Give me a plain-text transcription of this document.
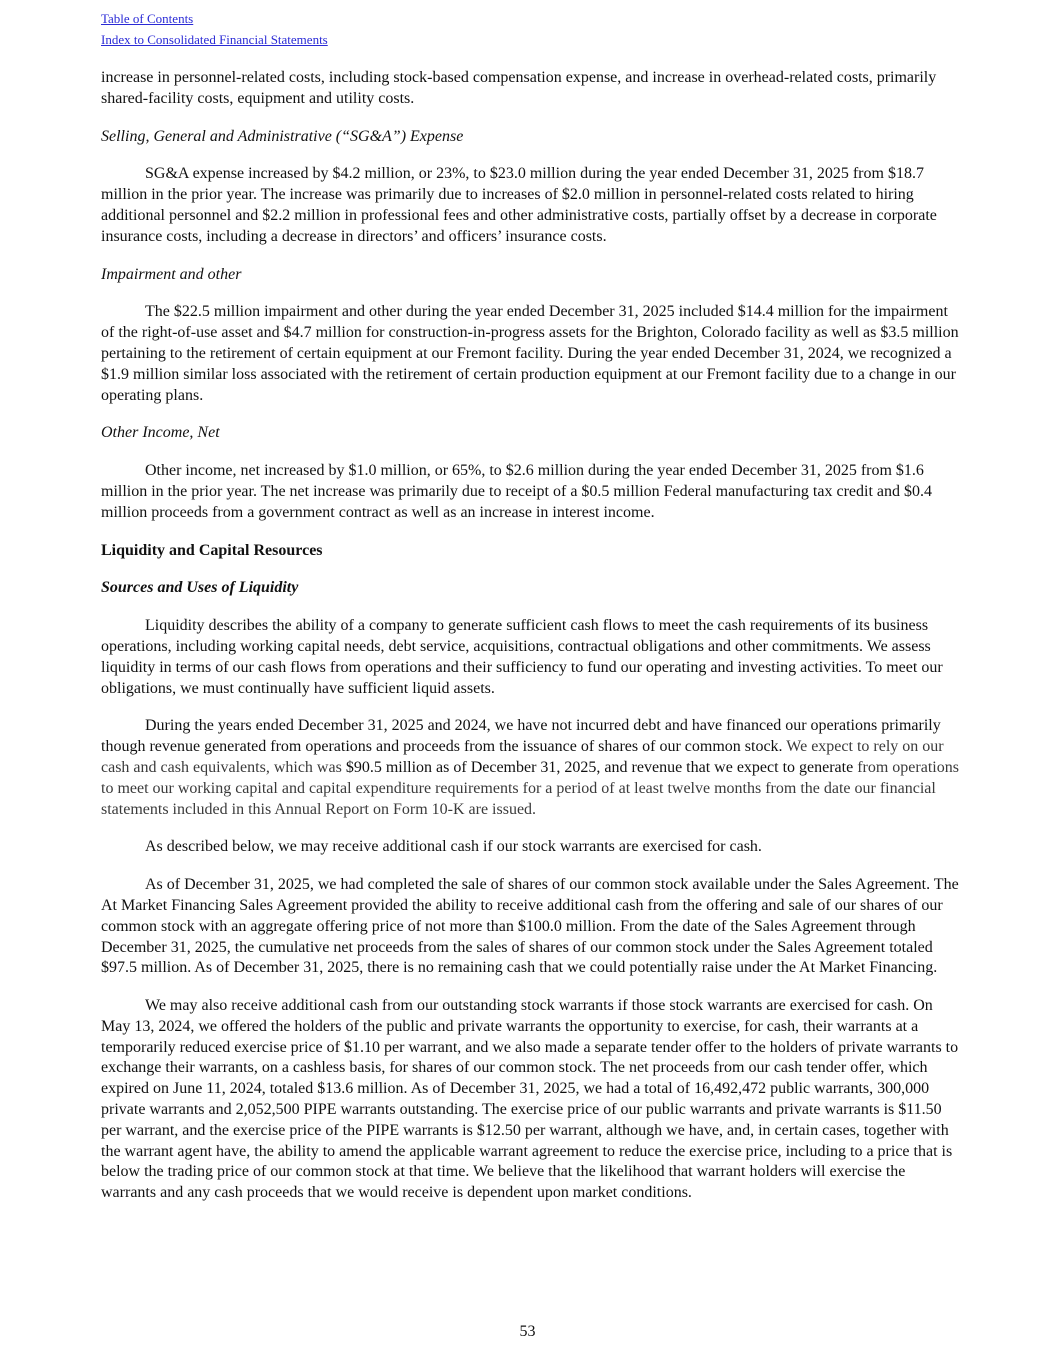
Table of Contents
Index to Consolidated Financial Statements

increase in personnel-related costs, including stock-based compensation expense, and increase in overhead-related costs, primarily shared-facility costs, equipment and utility costs.

Selling, General and Administrative (“SG&A”) Expense

SG&A expense increased by $4.2 million, or 23%, to $23.0 million during the year ended December 31, 2025 from $18.7 million in the prior year. The increase was primarily due to increases of $2.0 million in personnel-related costs related to hiring additional personnel and $2.2 million in professional fees and other administrative costs, partially offset by a decrease in corporate insurance costs, including a decrease in directors’ and officers’ insurance costs.

Impairment and other

The $22.5 million impairment and other during the year ended December 31, 2025 included $14.4 million for the impairment of the right-of-use asset and $4.7 million for construction-in-progress assets for the Brighton, Colorado facility as well as $3.5 million pertaining to the retirement of certain equipment at our Fremont facility. During the year ended December 31, 2024, we recognized a $1.9 million similar loss associated with the retirement of certain production equipment at our Fremont facility due to a change in our operating plans.

Other Income, Net

Other income, net increased by $1.0 million, or 65%, to $2.6 million during the year ended December 31, 2025 from $1.6 million in the prior year. The net increase was primarily due to receipt of a $0.5 million Federal manufacturing tax credit and $0.4 million proceeds from a government contract as well as an increase in interest income.

Liquidity and Capital Resources

Sources and Uses of Liquidity

Liquidity describes the ability of a company to generate sufficient cash flows to meet the cash requirements of its business operations, including working capital needs, debt service, acquisitions, contractual obligations and other commitments. We assess liquidity in terms of our cash flows from operations and their sufficiency to fund our operating and investing activities. To meet our obligations, we must continually have sufficient liquid assets.

During the years ended December 31, 2025 and 2024, we have not incurred debt and have financed our operations primarily though revenue generated from operations and proceeds from the issuance of shares of our common stock. We expect to rely on our cash and cash equivalents, which was $90.5 million as of December 31, 2025, and revenue that we expect to generate from operations to meet our working capital and capital expenditure requirements for a period of at least twelve months from the date our financial statements included in this Annual Report on Form 10-K are issued.

As described below, we may receive additional cash if our stock warrants are exercised for cash.

As of December 31, 2025, we had completed the sale of shares of our common stock available under the Sales Agreement. The At Market Financing Sales Agreement provided the ability to receive additional cash from the offering and sale of our shares of our common stock with an aggregate offering price of not more than $100.0 million. From the date of the Sales Agreement through December 31, 2025, the cumulative net proceeds from the sales of shares of our common stock under the Sales Agreement totaled $97.5 million. As of December 31, 2025, there is no remaining cash that we could potentially raise under the At Market Financing.

We may also receive additional cash from our outstanding stock warrants if those stock warrants are exercised for cash. On May 13, 2024, we offered the holders of the public and private warrants the opportunity to exercise, for cash, their warrants at a temporarily reduced exercise price of $1.10 per warrant, and we also made a separate tender offer to the holders of private warrants to exchange their warrants, on a cashless basis, for shares of our common stock. The net proceeds from our cash tender offer, which expired on June 11, 2024, totaled $13.6 million. As of December 31, 2025, we had a total of 16,492,472 public warrants, 300,000 private warrants and 2,052,500 PIPE warrants outstanding. The exercise price of our public warrants and private warrants is $11.50 per warrant, and the exercise price of the PIPE warrants is $12.50 per warrant, although we have, and, in certain cases, together with the warrant agent have, the ability to amend the applicable warrant agreement to reduce the exercise price, including to a price that is below the trading price of our common stock at that time. We believe that the likelihood that warrant holders will exercise the warrants and any cash proceeds that we would receive is dependent upon market conditions.

53
